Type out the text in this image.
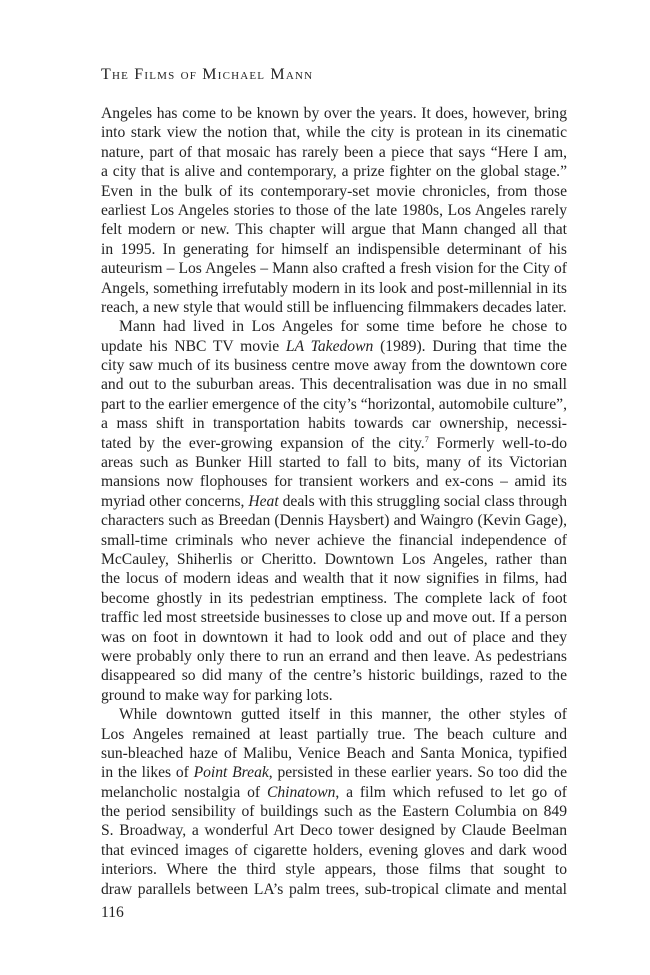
The Films of Michael Mann
Angeles has come to be known by over the years. It does, however, bring
into stark view the notion that, while the city is protean in its cinematic
nature, part of that mosaic has rarely been a piece that says “Here I am,
a city that is alive and contemporary, a prize fighter on the global stage.”
Even in the bulk of its contemporary-set movie chronicles, from those
earliest Los Angeles stories to those of the late 1980s, Los Angeles rarely
felt modern or new. This chapter will argue that Mann changed all that
in 1995. In generating for himself an indispensible determinant of his
auteurism – Los Angeles – Mann also crafted a fresh vision for the City of
Angels, something irrefutably modern in its look and post-millennial in its
reach, a new style that would still be influencing filmmakers decades later.
Mann had lived in Los Angeles for some time before he chose to
update his NBC TV movie LA Takedown (1989). During that time the
city saw much of its business centre move away from the downtown core
and out to the suburban areas. This decentralisation was due in no small
part to the earlier emergence of the city’s “horizontal, automobile culture”,
a mass shift in transportation habits towards car ownership, necessi-
tated by the ever-growing expansion of the city.$^7$ Formerly well-to-do
areas such as Bunker Hill started to fall to bits, many of its Victorian
mansions now flophouses for transient workers and ex-cons – amid its
myriad other concerns, Heat deals with this struggling social class through
characters such as Breedan (Dennis Haysbert) and Waingro (Kevin Gage),
small-time criminals who never achieve the financial independence of
McCauley, Shiherlis or Cheritto. Downtown Los Angeles, rather than
the locus of modern ideas and wealth that it now signifies in films, had
become ghostly in its pedestrian emptiness. The complete lack of foot
traffic led most streetside businesses to close up and move out. If a person
was on foot in downtown it had to look odd and out of place and they
were probably only there to run an errand and then leave. As pedestrians
disappeared so did many of the centre’s historic buildings, razed to the
ground to make way for parking lots.
While downtown gutted itself in this manner, the other styles of
Los Angeles remained at least partially true. The beach culture and
sun-bleached haze of Malibu, Venice Beach and Santa Monica, typified
in the likes of Point Break, persisted in these earlier years. So too did the
melancholic nostalgia of Chinatown, a film which refused to let go of
the period sensibility of buildings such as the Eastern Columbia on 849
S. Broadway, a wonderful Art Deco tower designed by Claude Beelman
that evinced images of cigarette holders, evening gloves and dark wood
interiors. Where the third style appears, those films that sought to
draw parallels between LA’s palm trees, sub-tropical climate and mental
116
